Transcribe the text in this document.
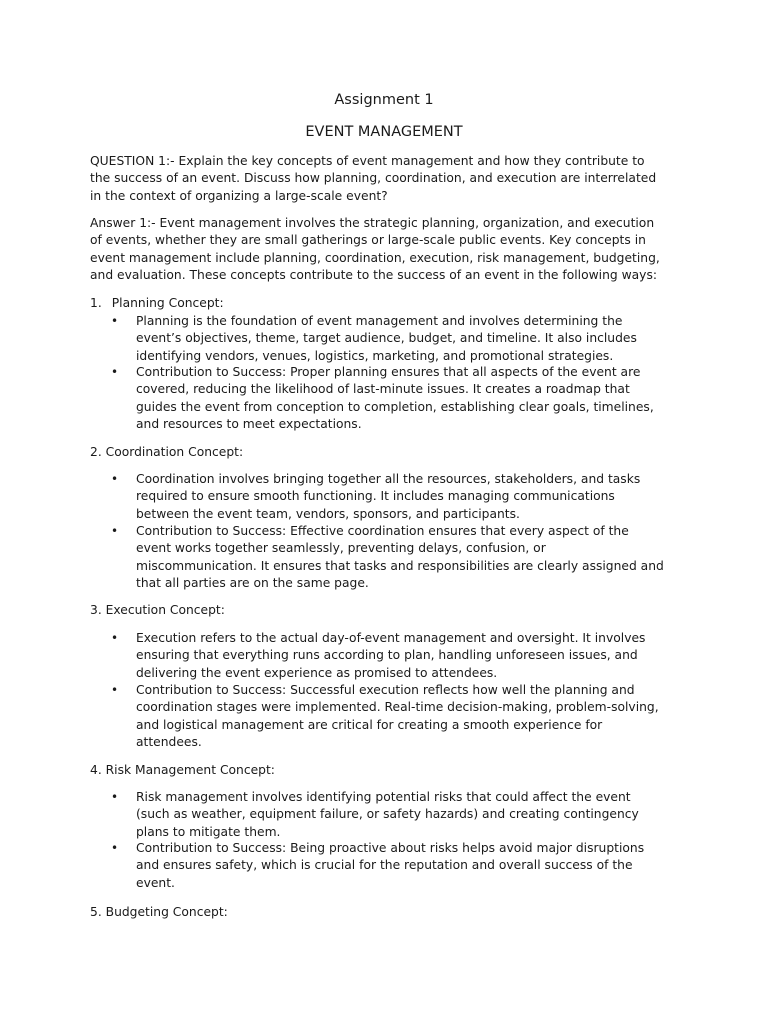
Assignment 1
EVENT MANAGEMENT
QUESTION 1:- Explain the key concepts of event management and how they contribute to
the success of an event. Discuss how planning, coordination, and execution are interrelated
in the context of organizing a large-scale event?
Answer 1:- Event management involves the strategic planning, organization, and execution
of events, whether they are small gatherings or large-scale public events. Key concepts in
event management include planning, coordination, execution, risk management, budgeting,
and evaluation. These concepts contribute to the success of an event in the following ways:
1. Planning Concept:
• Planning is the foundation of event management and involves determining the
event’s objectives, theme, target audience, budget, and timeline. It also includes
identifying vendors, venues, logistics, marketing, and promotional strategies.
• Contribution to Success: Proper planning ensures that all aspects of the event are
covered, reducing the likelihood of last-minute issues. It creates a roadmap that
guides the event from conception to completion, establishing clear goals, timelines,
and resources to meet expectations.
2. Coordination Concept:
• Coordination involves bringing together all the resources, stakeholders, and tasks
required to ensure smooth functioning. It includes managing communications
between the event team, vendors, sponsors, and participants.
• Contribution to Success: Effective coordination ensures that every aspect of the
event works together seamlessly, preventing delays, confusion, or
miscommunication. It ensures that tasks and responsibilities are clearly assigned and
that all parties are on the same page.
3. Execution Concept:
• Execution refers to the actual day-of-event management and oversight. It involves
ensuring that everything runs according to plan, handling unforeseen issues, and
delivering the event experience as promised to attendees.
• Contribution to Success: Successful execution reflects how well the planning and
coordination stages were implemented. Real-time decision-making, problem-solving,
and logistical management are critical for creating a smooth experience for
attendees.
4. Risk Management Concept:
• Risk management involves identifying potential risks that could affect the event
(such as weather, equipment failure, or safety hazards) and creating contingency
plans to mitigate them.
• Contribution to Success: Being proactive about risks helps avoid major disruptions
and ensures safety, which is crucial for the reputation and overall success of the
event.
5. Budgeting Concept:
